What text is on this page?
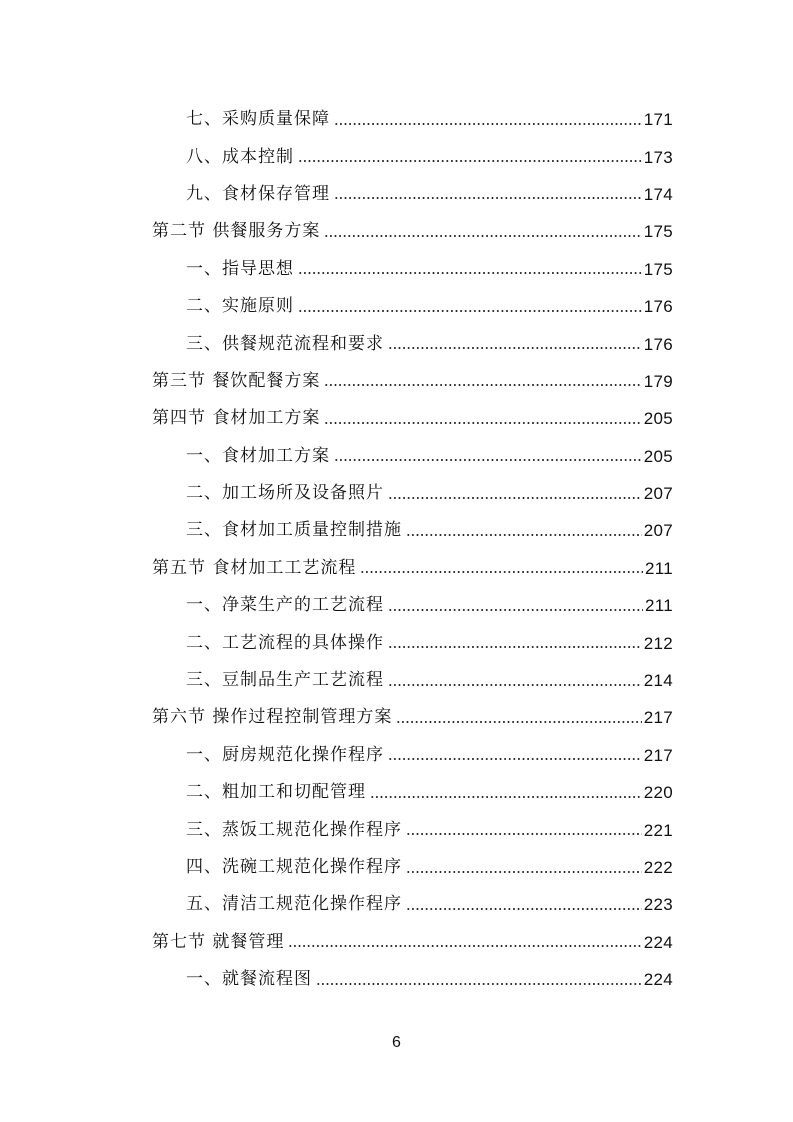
七、采购质量保障	171
八、成本控制	173
九、食材保存管理	174
第二节 供餐服务方案	175
一、指导思想	175
二、实施原则	176
三、供餐规范流程和要求	176
第三节 餐饮配餐方案	179
第四节 食材加工方案	205
一、食材加工方案	205
二、加工场所及设备照片	207
三、食材加工质量控制措施	207
第五节 食材加工工艺流程	211
一、净菜生产的工艺流程	211
二、工艺流程的具体操作	212
三、豆制品生产工艺流程	214
第六节 操作过程控制管理方案	217
一、厨房规范化操作程序	217
二、粗加工和切配管理	220
三、蒸饭工规范化操作程序	221
四、洗碗工规范化操作程序	222
五、清洁工规范化操作程序	223
第七节 就餐管理	224
一、就餐流程图	224
6
